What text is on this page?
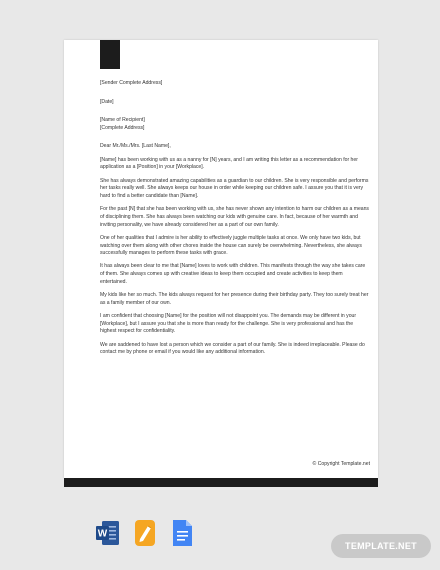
[Sender Complete Address]

[Date]

[Name of Recipient]

[Complete Address]

Dear Mr./Ms./Mrs. [Last Name],

[Name] has been working with us as a nanny for [N] years, and I am writing this letter as a recommendation for her application as a [Position] in your [Workplace].

She has always demonstrated amazing capabilities as a guardian to our children. She is very responsible and performs her tasks really well. She always keeps our house in order while keeping our children safe. I assure you that it is very hard to find a better candidate than [Name].

For the past [N] that she has been working with us, she has never shown any intention to harm our children as a means of disciplining them. She has always been watching our kids with genuine care. In fact, because of her warmth and inviting personality, we have already considered her as a part of our own family.

One of her qualities that I admire is her ability to effectively juggle multiple tasks at once. We only have two kids, but watching over them along with other chores inside the house can surely be overwhelming. Nevertheless, she always successfully manages to perform these tasks with grace.

It has always been clear to me that [Name] loves to work with children. This manifests through the way she takes care of them. She always comes up with creative ideas to keep them occupied and create activities to keep them entertained.

My kids like her so much. The kids always request for her presence during their birthday party. They too surely treat her as a family member of our own.

I am confident that choosing [Name] for the position will not disappoint you. The demands may be different in your [Workplace], but I assure you that she is more than ready for the challenge. She is very professional and has the highest respect for confidentiality.

We are saddened to have lost a person which we consider a part of our family. She is indeed irreplaceable. Please do contact me by phone or email if you would like any additional information.

© Copyright Template.net
W
TEMPLATE.NET
